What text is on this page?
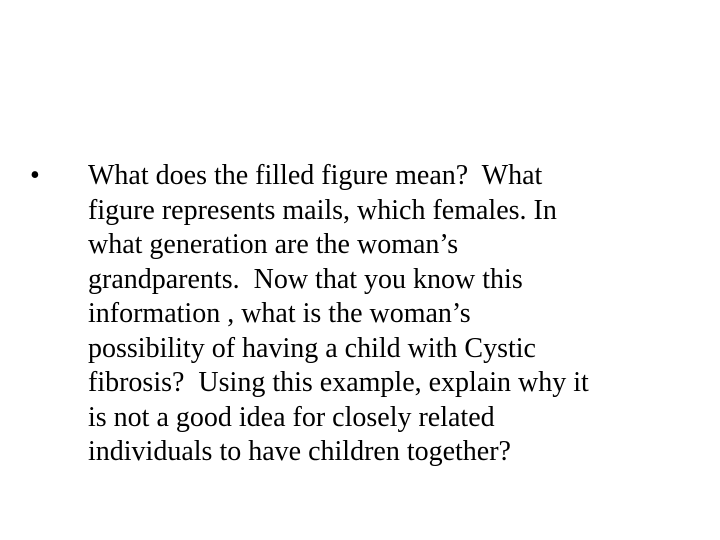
•	What does the filled figure mean?  What
figure represents mails, which females. In
what generation are the woman’s
grandparents.  Now that you know this
information , what is the woman’s
possibility of having a child with Cystic
fibrosis?  Using this example, explain why it
is not a good idea for closely related
individuals to have children together?
